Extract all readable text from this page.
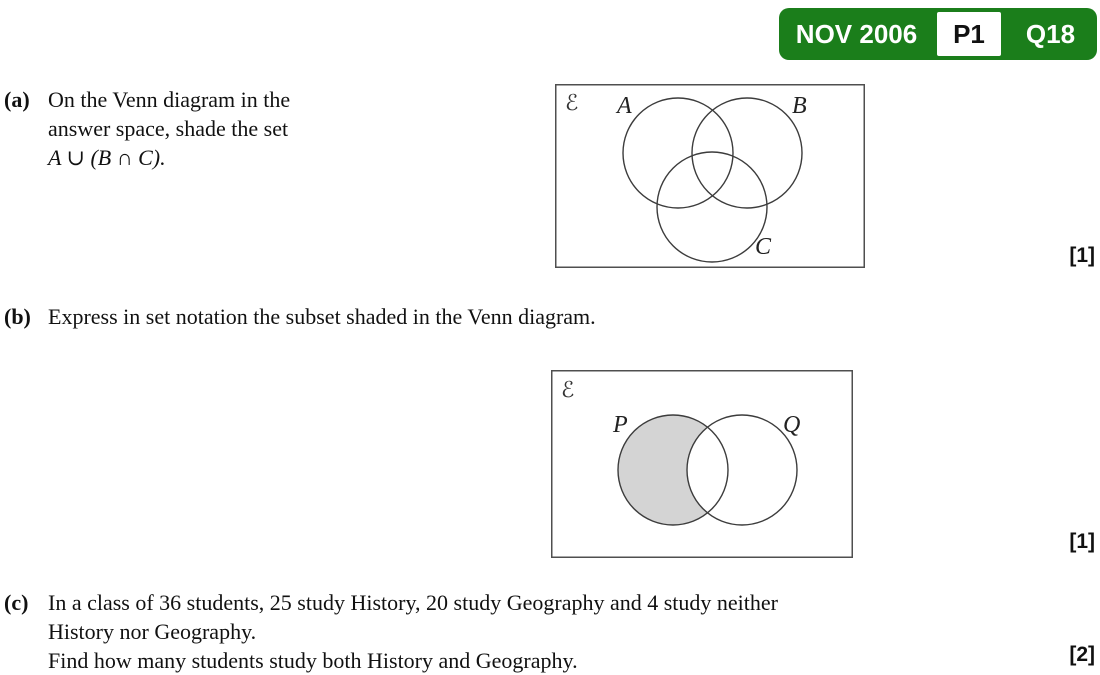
NOV 2006	P1	Q18
(a) On the Venn diagram in the
answer space, shade the set
A ∪ (B ∩ C).
ℰ A	B
C	[1]
(b) Express in set notation the subset shaded in the Venn diagram.
ℰ
P	Q
[1]
(c) In a class of 36 students, 25 study History, 20 study Geography and 4 study neither
History nor Geography.
Find how many students study both History and Geography.	[2]
